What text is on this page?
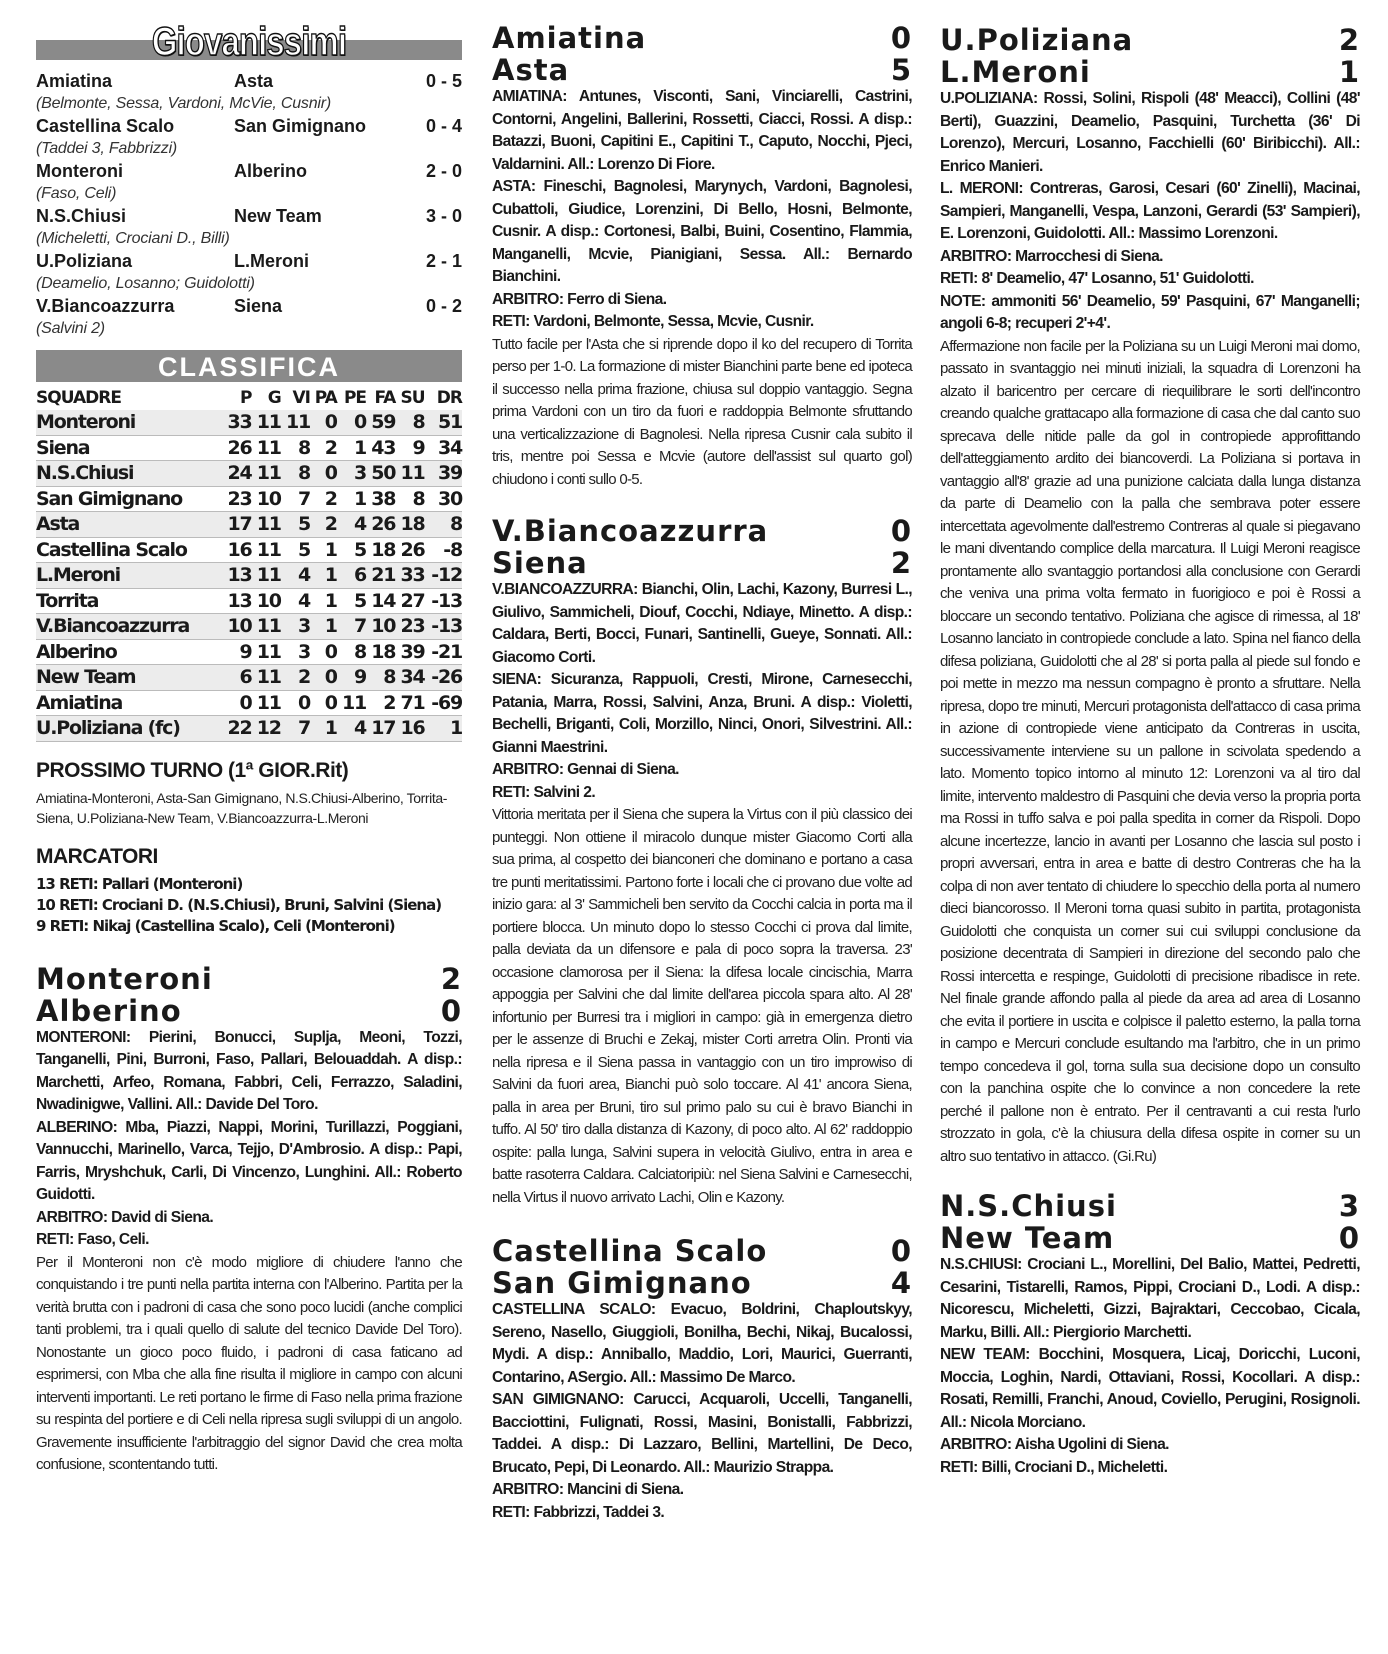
Giovanissimi
Amiatina	Asta	0 - 5
(Belmonte, Sessa, Vardoni, McVie, Cusnir)
Castellina Scalo	San Gimignano	0 - 4
(Taddei 3, Fabbrizzi)
Monteroni	Alberino	2 - 0
(Faso, Celi)
N.S.Chiusi	New Team	3 - 0
(Micheletti, Crociani D., Billi)
U.Poliziana	L.Meroni	2 - 1
(Deamelio, Losanno; Guidolotti)
V.Biancoazzurra	Siena	0 - 2
(Salvini 2)
CLASSIFICA
SQUADRE	P	G	VI	PA	PE	FA	SU	DR
Monteroni	33	11	11	0	0	59	8	51
Siena	26	11	8	2	1	43	9	34
N.S.Chiusi	24	11	8	0	3	50	11	39
San Gimignano	23	10	7	2	1	38	8	30
Asta	17	11	5	2	4	26	18	8
Castellina Scalo	16	11	5	1	5	18	26	-8
L.Meroni	13	11	4	1	6	21	33	-12
Torrita	13	10	4	1	5	14	27	-13
V.Biancoazzurra	10	11	3	1	7	10	23	-13
Alberino	9	11	3	0	8	18	39	-21
New Team	6	11	2	0	9	8	34	-26
Amiatina	0	11	0	0	11	2	71	-69
U.Poliziana (fc)	22	12	7	1	4	17	16	1
PROSSIMO TURNO (1ª GIOR.Rit)
Amiatina-Monteroni, Asta-San Gimignano, N.S.Chiusi-Alberino, Torrita-Siena, U.Poliziana-New Team, V.Biancoazzurra-L.Meroni
MARCATORI
13 RETI: Pallari (Monteroni)
10 RETI: Crociani D. (N.S.Chiusi), Bruni, Salvini (Siena)
9 RETI: Nikaj (Castellina Scalo), Celi (Monteroni)
Monteroni	2
Alberino	0
MONTERONI: Pierini, Bonucci, Suplja, Meoni, Tozzi, Tanganelli, Pini, Burroni, Faso, Pallari, Belouaddah. A disp.: Marchetti, Arfeo, Romana, Fabbri, Celi, Ferrazzo, Saladini, Nwadinigwe, Vallini. All.: Davide Del Toro.
ALBERINO: Mba, Piazzi, Nappi, Morini, Turillazzi, Poggiani, Vannucchi, Marinello, Varca, Tejjo, D'Ambrosio. A disp.: Papi, Farris, Mryshchuk, Carli, Di Vincenzo, Lunghini. All.: Roberto Guidotti.
ARBITRO: David di Siena.
RETI: Faso, Celi.
Per il Monteroni non c'è modo migliore di chiudere l'anno che conquistando i tre punti nella partita interna con l'Alberino. Partita per la verità brutta con i padroni di casa che sono poco lucidi (anche complici tanti problemi, tra i quali quello di salute del tecnico Davide Del Toro). Nonostante un gioco poco fluido, i padroni di casa faticano ad esprimersi, con Mba che alla fine risulta il migliore in campo con alcuni interventi importanti. Le reti portano le firme di Faso nella prima frazione su respinta del portiere e di Celi nella ripresa sugli sviluppi di un angolo. Gravemente insufficiente l'arbitraggio del signor David che crea molta confusione, scontentando tutti.
Amiatina	0
Asta	5
AMIATINA: Antunes, Visconti, Sani, Vinciarelli, Castrini, Contorni, Angelini, Ballerini, Rossetti, Ciacci, Rossi. A disp.: Batazzi, Buoni, Capitini E., Capitini T., Caputo, Nocchi, Pjeci, Valdarnini. All.: Lorenzo Di Fiore.
ASTA: Fineschi, Bagnolesi, Marynych, Vardoni, Bagnolesi, Cubattoli, Giudice, Lorenzini, Di Bello, Hosni, Belmonte, Cusnir. A disp.: Cortonesi, Balbi, Buini, Cosentino, Flammia, Manganelli, Mcvie, Pianigiani, Sessa. All.: Bernardo Bianchini.
ARBITRO: Ferro di Siena.
RETI: Vardoni, Belmonte, Sessa, Mcvie, Cusnir.
Tutto facile per l'Asta che si riprende dopo il ko del recupero di Torrita perso per 1-0. La formazione di mister Bianchini parte bene ed ipoteca il successo nella prima frazione, chiusa sul doppio vantaggio. Segna prima Vardoni con un tiro da fuori e raddoppia Belmonte sfruttando una verticalizzazione di Bagnolesi. Nella ripresa Cusnir cala subito il tris, mentre poi Sessa e Mcvie (autore dell'assist sul quarto gol) chiudono i conti sullo 0-5.
V.Biancoazzurra	0
Siena	2
V.BIANCOAZZURRA: Bianchi, Olin, Lachi, Kazony, Burresi L., Giulivo, Sammicheli, Diouf, Cocchi, Ndiaye, Minetto. A disp.: Caldara, Berti, Bocci, Funari, Santinelli, Gueye, Sonnati. All.: Giacomo Corti.
SIENA: Sicuranza, Rappuoli, Cresti, Mirone, Carnesecchi, Patania, Marra, Rossi, Salvini, Anza, Bruni. A disp.: Violetti, Bechelli, Briganti, Coli, Morzillo, Ninci, Onori, Silvestrini. All.: Gianni Maestrini.
ARBITRO: Gennai di Siena.
RETI: Salvini 2.
Vittoria meritata per il Siena che supera la Virtus con il più classico dei punteggi. Non ottiene il miracolo dunque mister Giacomo Corti alla sua prima, al cospetto dei bianconeri che dominano e portano a casa tre punti meritatissimi. Partono forte i locali che ci provano due volte ad inizio gara: al 3' Sammicheli ben servito da Cocchi calcia in porta ma il portiere blocca. Un minuto dopo lo stesso Cocchi ci prova dal limite, palla deviata da un difensore e pala di poco sopra la traversa. 23' occasione clamorosa per il Siena: la difesa locale cincischia, Marra appoggia per Salvini che dal limite dell'area piccola spara alto. Al 28' infortunio per Burresi tra i migliori in campo: già in emergenza dietro per le assenze di Bruchi e Zekaj, mister Corti arretra Olin. Pronti via nella ripresa e il Siena passa in vantaggio con un tiro improwiso di Salvini da fuori area, Bianchi può solo toccare. Al 41' ancora Siena, palla in area per Bruni, tiro sul primo palo su cui è bravo Bianchi in tuffo. Al 50' tiro dalla distanza di Kazony, di poco alto. Al 62' raddoppio ospite: palla lunga, Salvini supera in velocità Giulivo, entra in area e batte rasoterra Caldara. Calciatoripiù: nel Siena Salvini e Carnesecchi, nella Virtus il nuovo arrivato Lachi, Olin e Kazony.
Castellina Scalo	0
San Gimignano	4
CASTELLINA SCALO: Evacuo, Boldrini, Chaploutskyy, Sereno, Nasello, Giuggioli, Bonilha, Bechi, Nikaj, Bucalossi, Mydi. A disp.: Anniballo, Maddio, Lori, Maurici, Guerranti, Contarino, ASergio. All.: Massimo De Marco.
SAN GIMIGNANO: Carucci, Acquaroli, Uccelli, Tanganelli, Bacciottini, Fulignati, Rossi, Masini, Bonistalli, Fabbrizzi, Taddei. A disp.: Di Lazzaro, Bellini, Martellini, De Deco, Brucato, Pepi, Di Leonardo. All.: Maurizio Strappa.
ARBITRO: Mancini di Siena.
RETI: Fabbrizzi, Taddei 3.
U.Poliziana	2
L.Meroni	1
U.POLIZIANA: Rossi, Solini, Rispoli (48' Meacci), Collini (48' Berti), Guazzini, Deamelio, Pasquini, Turchetta (36' Di Lorenzo), Mercuri, Losanno, Facchielli (60' Biribicchi). All.: Enrico Manieri.
L. MERONI: Contreras, Garosi, Cesari (60' Zinelli), Macinai, Sampieri, Manganelli, Vespa, Lanzoni, Gerardi (53' Sampieri), E. Lorenzoni, Guidolotti. All.: Massimo Lorenzoni.
ARBITRO: Marrocchesi di Siena.
RETI: 8' Deamelio, 47' Losanno, 51' Guidolotti.
NOTE: ammoniti 56' Deamelio, 59' Pasquini, 67' Manganelli; angoli 6-8; recuperi 2'+4'.
Affermazione non facile per la Poliziana su un Luigi Meroni mai domo, passato in svantaggio nei minuti iniziali, la squadra di Lorenzoni ha alzato il baricentro per cercare di riequilibrare le sorti dell'incontro creando qualche grattacapo alla formazione di casa che dal canto suo sprecava delle nitide palle da gol in contropiede approfittando dell'atteggiamento ardito dei biancoverdi. La Poliziana si portava in vantaggio all'8' grazie ad una punizione calciata dalla lunga distanza da parte di Deamelio con la palla che sembrava poter essere intercettata agevolmente dall'estremo Contreras al quale si piegavano le mani diventando complice della marcatura. Il Luigi Meroni reagisce prontamente allo svantaggio portandosi alla conclusione con Gerardi che veniva una prima volta fermato in fuorigioco e poi è Rossi a bloccare un secondo tentativo. Poliziana che agisce di rimessa, al 18' Losanno lanciato in contropiede conclude a lato. Spina nel fianco della difesa poliziana, Guidolotti che al 28' si porta palla al piede sul fondo e poi mette in mezzo ma nessun compagno è pronto a sfruttare. Nella ripresa, dopo tre minuti, Mercuri protagonista dell'attacco di casa prima in azione di contropiede viene anticipato da Contreras in uscita, successivamente interviene su un pallone in scivolata spedendo a lato. Momento topico intorno al minuto 12: Lorenzoni va al tiro dal limite, intervento maldestro di Pasquini che devia verso la propria porta ma Rossi in tuffo salva e poi palla spedita in corner da Rispoli. Dopo alcune incertezze, lancio in avanti per Losanno che lascia sul posto i propri avversari, entra in area e batte di destro Contreras che ha la colpa di non aver tentato di chiudere lo specchio della porta al numero dieci biancorosso. Il Meroni torna quasi subito in partita, protagonista Guidolotti che conquista un corner sui cui sviluppi conclusione da posizione decentrata di Sampieri in direzione del secondo palo che Rossi intercetta e respinge, Guidolotti di precisione ribadisce in rete. Nel finale grande affondo palla al piede da area ad area di Losanno che evita il portiere in uscita e colpisce il paletto esterno, la palla torna in campo e Mercuri conclude esultando ma l'arbitro, che in un primo tempo concedeva il gol, torna sulla sua decisione dopo un consulto con la panchina ospite che lo convince a non concedere la rete perché il pallone non è entrato. Per il centravanti a cui resta l'urlo strozzato in gola, c'è la chiusura della difesa ospite in corner su un altro suo tentativo in attacco. (Gi.Ru)
N.S.Chiusi	3
New Team	0
N.S.CHIUSI: Crociani L., Morellini, Del Balio, Mattei, Pedretti, Cesarini, Tistarelli, Ramos, Pippi, Crociani D., Lodi. A disp.: Nicorescu, Micheletti, Gizzi, Bajraktari, Ceccobao, Cicala, Marku, Billi. All.: Piergiorio Marchetti.
NEW TEAM: Bocchini, Mosquera, Licaj, Doricchi, Luconi, Moccia, Loghin, Nardi, Ottaviani, Rossi, Kocollari. A disp.: Rosati, Remilli, Franchi, Anoud, Coviello, Perugini, Rosignoli. All.: Nicola Morciano.
ARBITRO: Aisha Ugolini di Siena.
RETI: Billi, Crociani D., Micheletti.
